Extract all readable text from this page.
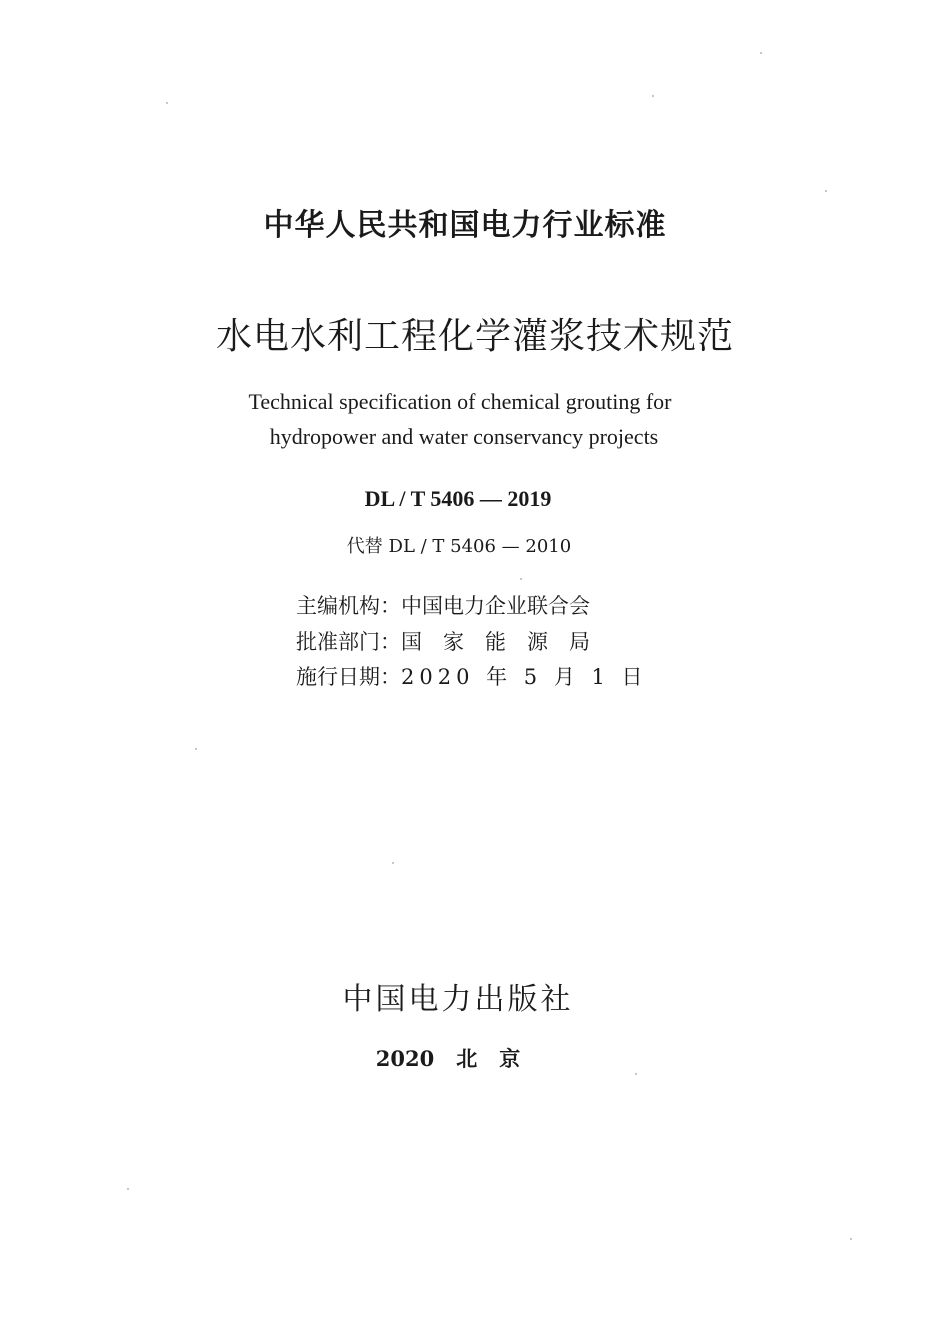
中华人民共和国电力行业标准
水电水利工程化学灌浆技术规范
Technical specification of chemical grouting for
hydropower and water conservancy projects
DL / T 5406 — 2019
代替 DL / T 5406 — 2010
主编机构：中国电力企业联合会
批准部门：国家能源局
施行日期：2020 年 5 月 1 日
中国电力出版社
2020 北京
